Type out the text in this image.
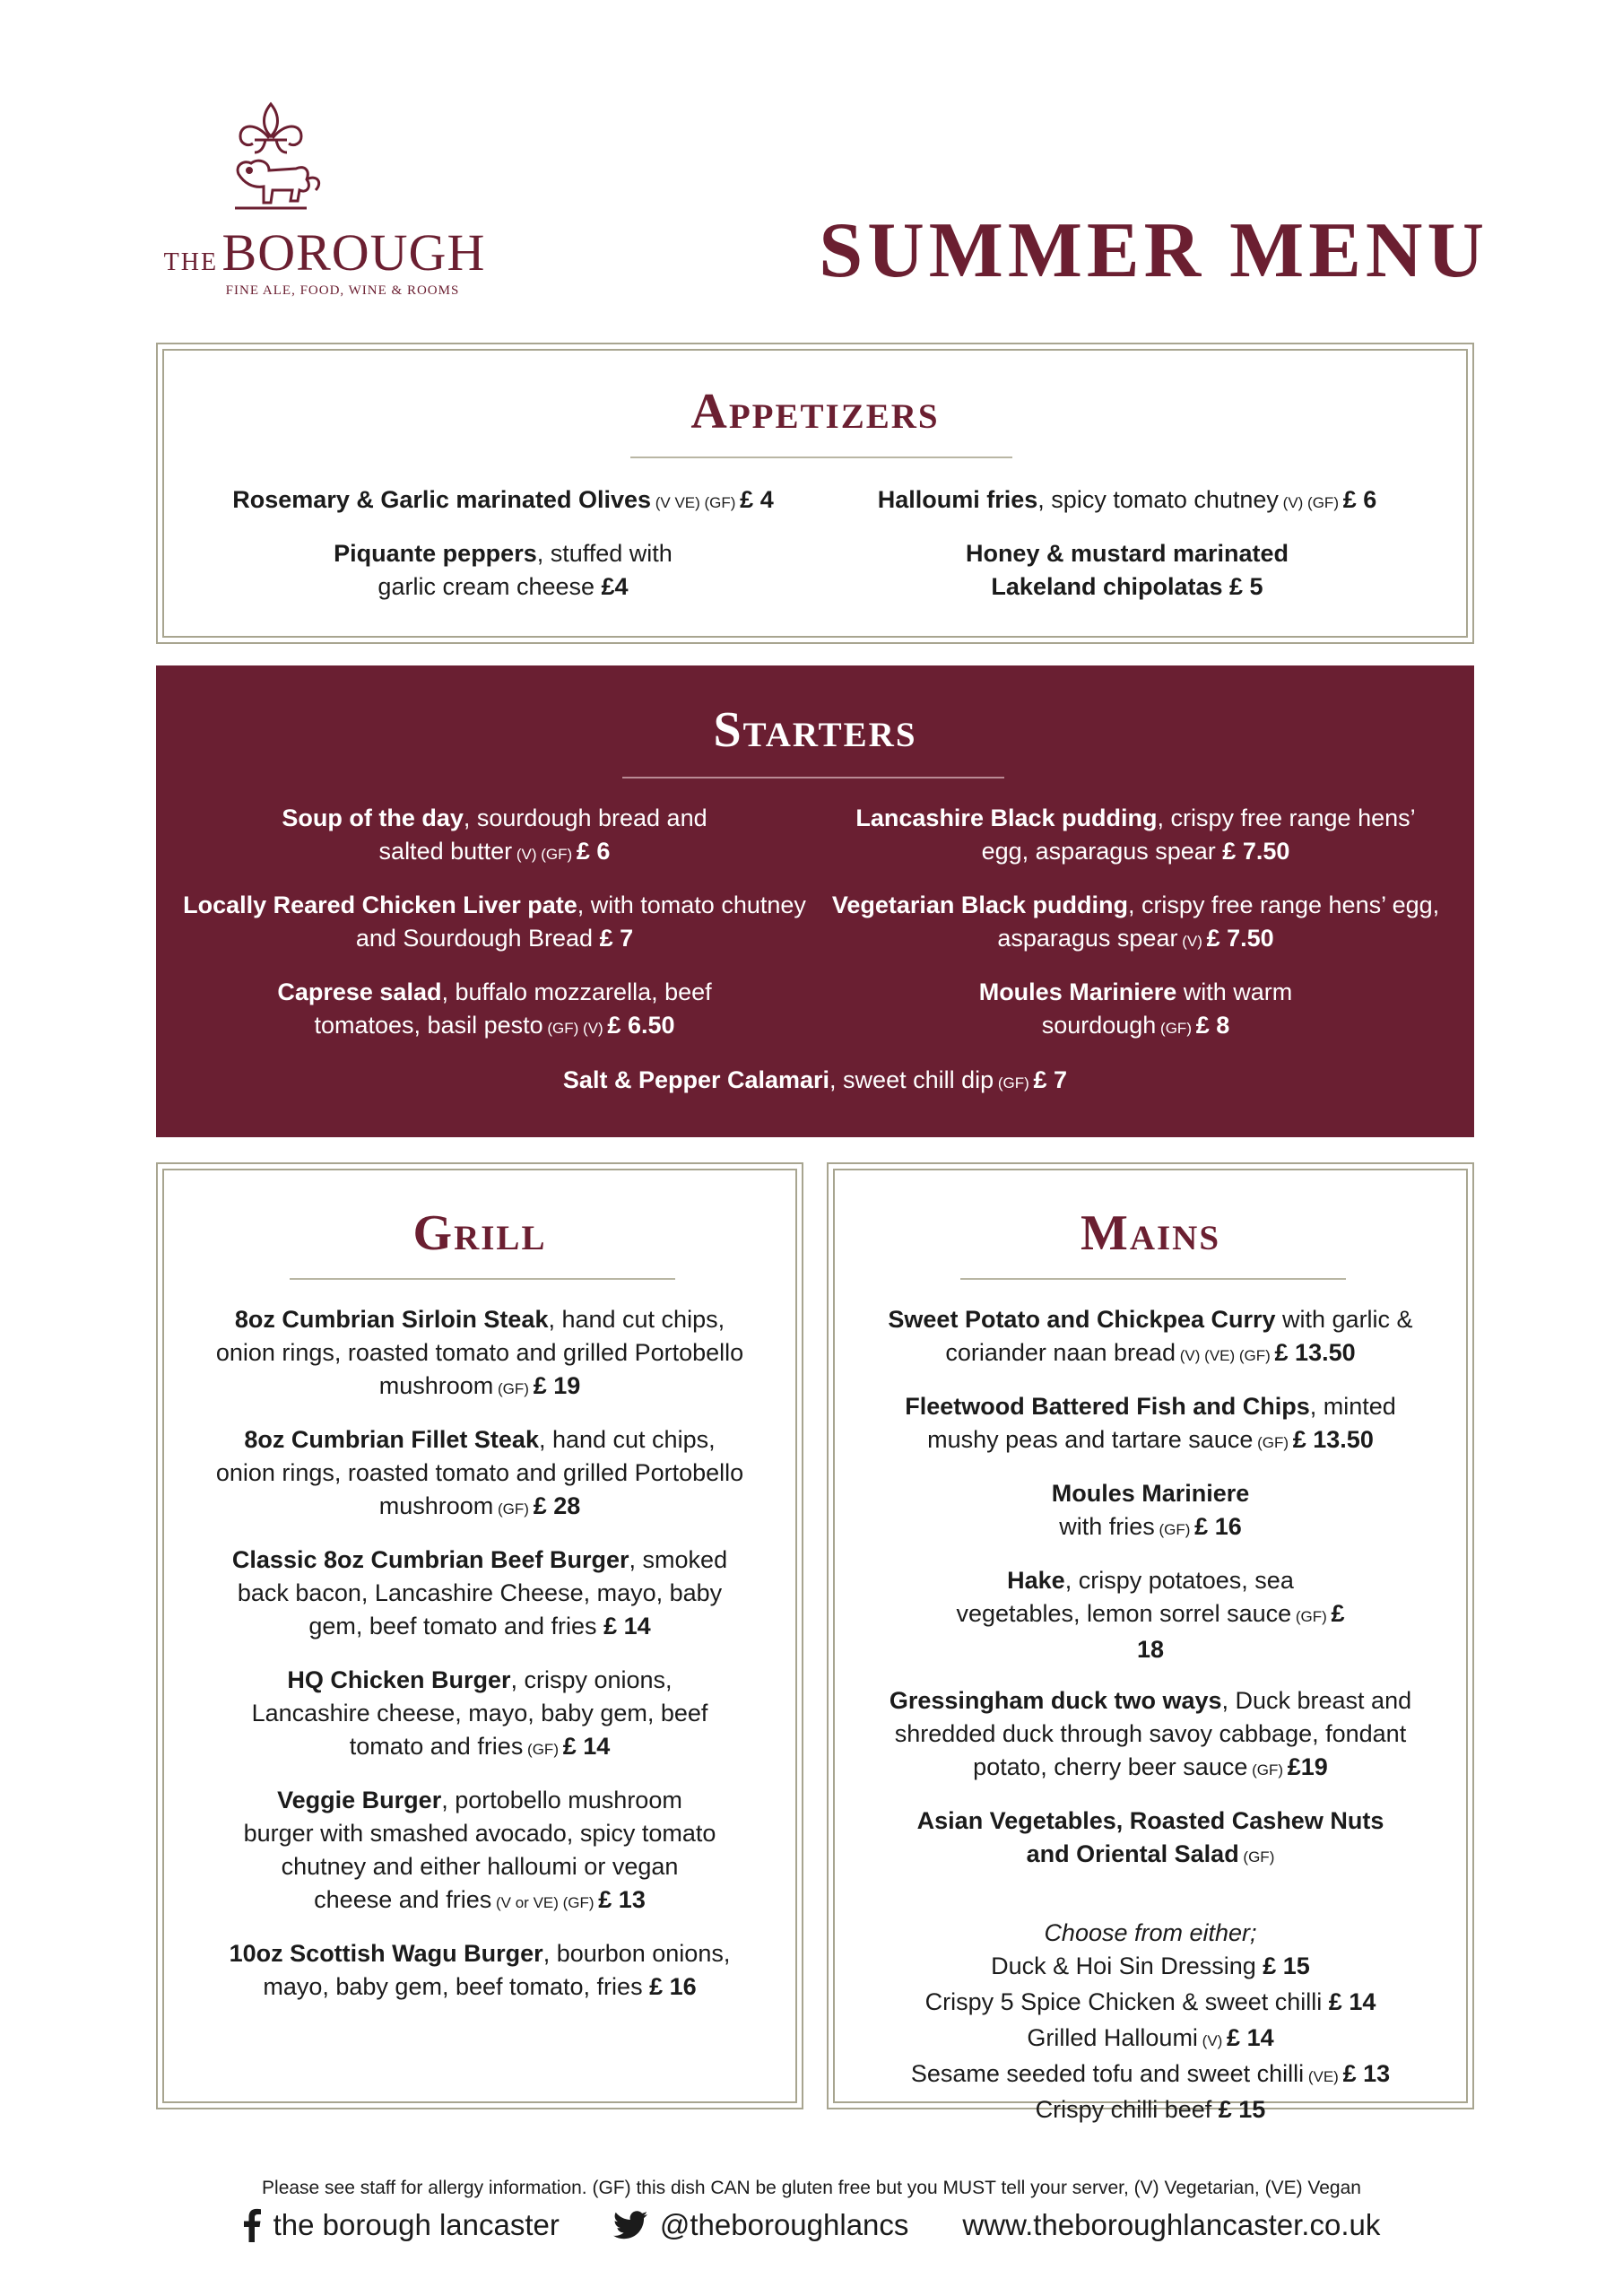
THE BOROUGH
FINE ALE, FOOD, WINE & ROOMS	SUMMER MENU
Appetizers
Rosemary & Garlic marinated Olives (V VE) (GF) £ 4	Halloumi fries, spicy tomato chutney (V) (GF) £ 6
Piquante peppers, stuffed with garlic cream cheese £4
Honey & mustard marinated Lakeland chipolatas £ 5
Starters
Soup of the day, sourdough bread and salted butter (V) (GF) £ 6
Lancashire Black pudding, crispy free range hens’ egg, asparagus spear £ 7.50
Locally Reared Chicken Liver pate, with tomato chutney and Sourdough Bread £ 7
Vegetarian Black pudding, crispy free range hens’ egg, asparagus spear (V) £ 7.50
Caprese salad, buffalo mozzarella, beef tomatoes, basil pesto (GF) (V) £ 6.50
Moules Mariniere with warm sourdough (GF) £ 8
Salt & Pepper Calamari, sweet chill dip (GF) £ 7
Grill
8oz Cumbrian Sirloin Steak, hand cut chips, onion rings, roasted tomato and grilled Portobello mushroom (GF) £ 19
8oz Cumbrian Fillet Steak, hand cut chips, onion rings, roasted tomato and grilled Portobello mushroom (GF) £ 28
Classic 8oz Cumbrian Beef Burger, smoked back bacon, Lancashire Cheese, mayo, baby gem, beef tomato and fries £ 14
HQ Chicken Burger, crispy onions, Lancashire cheese, mayo, baby gem, beef tomato and fries (GF) £ 14
Veggie Burger, portobello mushroom burger with smashed avocado, spicy tomato chutney and either halloumi or vegan cheese and fries (V or VE) (GF) £ 13
10oz Scottish Wagu Burger, bourbon onions, mayo, baby gem, beef tomato, fries £ 16
Mains
Sweet Potato and Chickpea Curry with garlic & coriander naan bread (V) (VE) (GF) £ 13.50
Fleetwood Battered Fish and Chips, minted mushy peas and tartare sauce (GF) £ 13.50
Moules Mariniere with fries (GF) £ 16
Hake, crispy potatoes, sea vegetables, lemon sorrel sauce (GF) £ 18
Gressingham duck two ways, Duck breast and shredded duck through savoy cabbage, fondant potato, cherry beer sauce (GF) £19
Asian Vegetables, Roasted Cashew Nuts and Oriental Salad (GF)
Choose from either;
Duck & Hoi Sin Dressing £ 15
Crispy 5 Spice Chicken & sweet chilli £ 14
Grilled Halloumi (V) £ 14
Sesame seeded tofu and sweet chilli (VE) £ 13
Crispy chilli beef £ 15
Please see staff for allergy information. (GF) this dish CAN be gluten free but you MUST tell your server, (V) Vegetarian, (VE) Vegan
the borough lancaster	@theboroughlancs www.theboroughlancaster.co.uk
